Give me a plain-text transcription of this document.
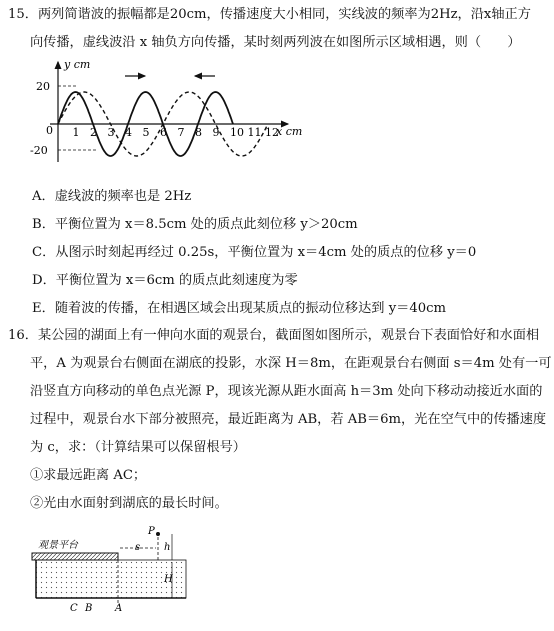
15．两列简谐波的振幅都是20cm，传播速度大小相同，实线波的频率为2Hz，沿x轴正方
向传播，虚线波沿 x 轴负方向传播，某时刻两列波在如图所示区域相遇，则（　　）
y cm
x cm
0
20
-20
1 2 3 4 5 6 7 8 9 10 11 12
A．虚线波的频率也是 2Hz
B．平衡位置为 x＝8.5cm 处的质点此刻位移 y＞20cm
C．从图示时刻起再经过 0.25s，平衡位置为 x＝4cm 处的质点的位移 y＝0
D．平衡位置为 x＝6cm 的质点此刻速度为零
E．随着波的传播，在相遇区域会出现某质点的振动位移达到 y＝40cm
16．某公园的湖面上有一伸向水面的观景台，截面图如图所示，观景台下表面恰好和水面相
平，A 为观景台右侧面在湖底的投影，水深 H＝8m，在距观景台右侧面 s＝4m 处有一可
沿竖直方向移动的单色点光源 P，现该光源从距水面高 h＝3m 处向下移动动接近水面的
过程中，观景台水下部分被照亮，最近距离为 AB，若 AB＝6m，光在空气中的传播速度
为 c，求：（计算结果可以保留根号）
①求最远距离 AC；
②光由水面射到湖底的最长时间。
观景平台	s
P
h
H
C B A
